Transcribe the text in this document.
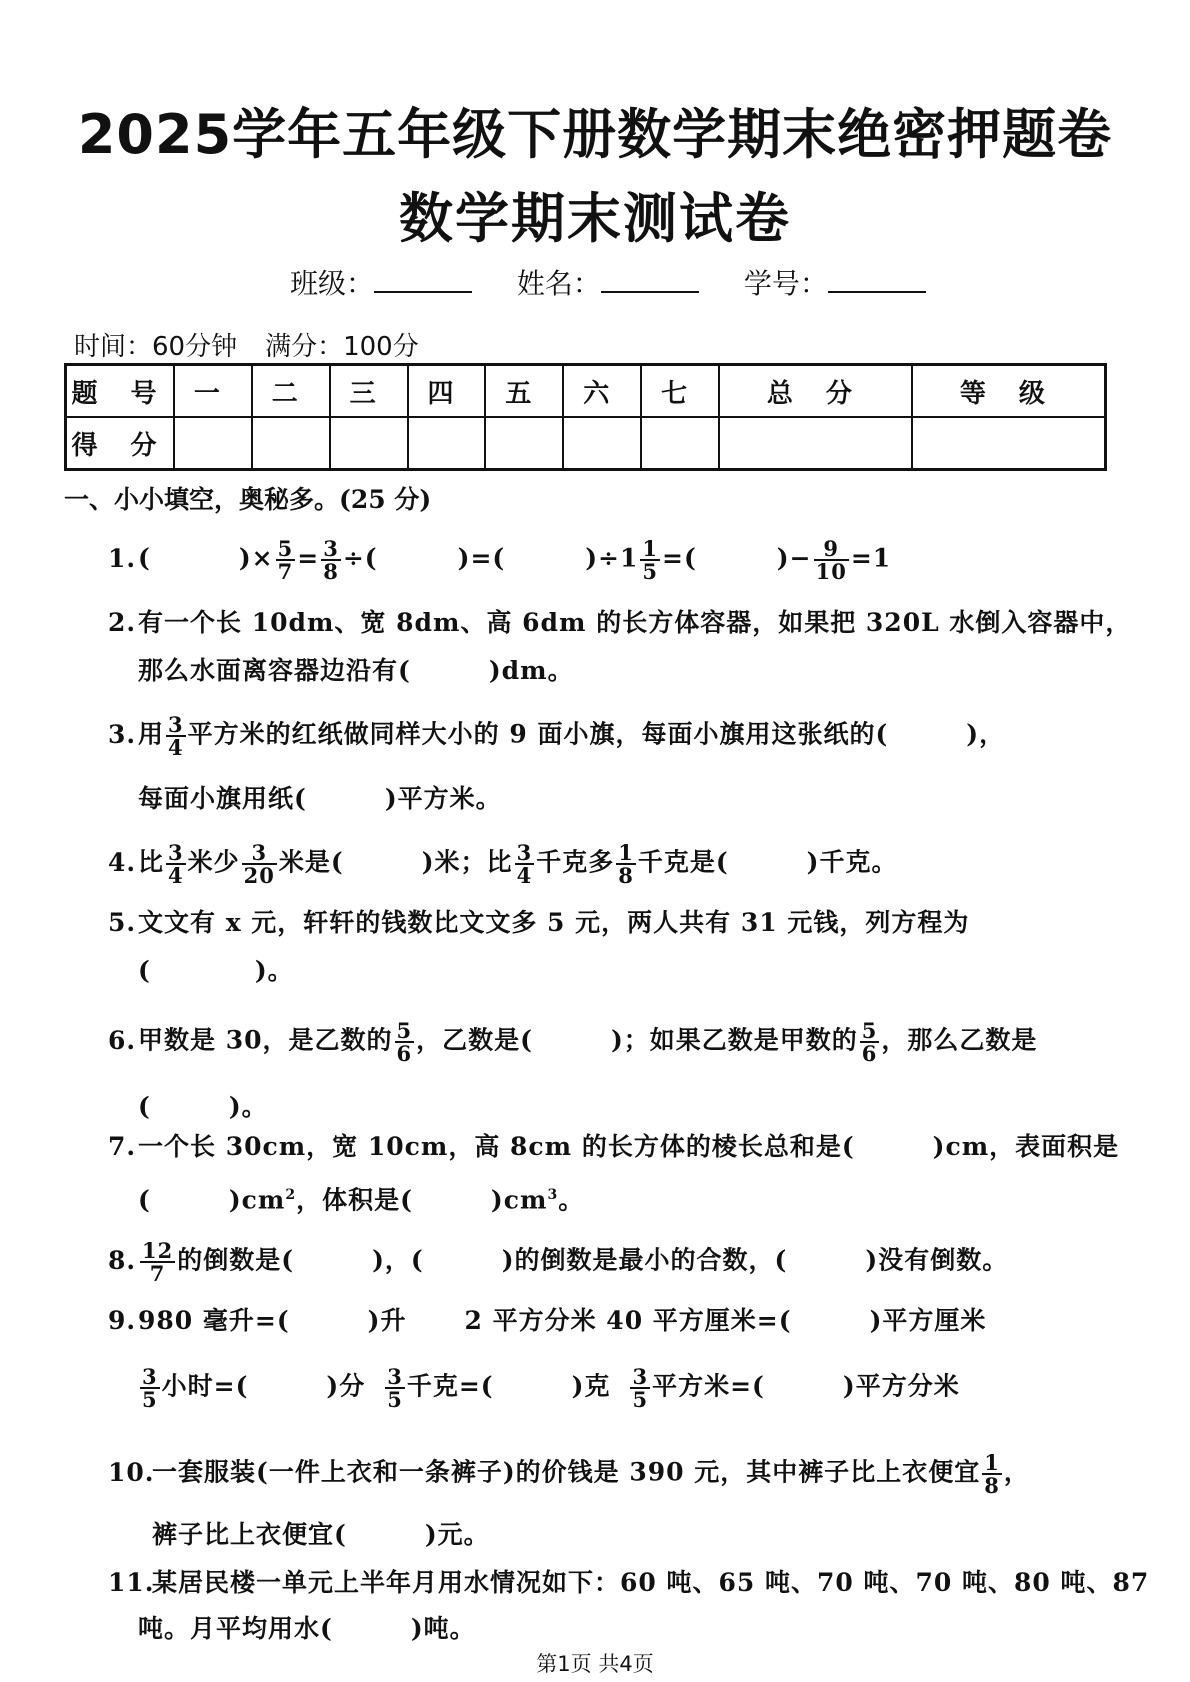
2025学年五年级下册数学期末绝密押题卷
数学期末测试卷
班级：	姓名：	学号：
时间：60分钟 满分：100分
题 号	一	二	三	四	五	六	七	总 分	等 级
得 分									
一、小小填空，奥秘多。(25 分)
1.(	)× $\frac{5}{7} = \frac{3}{8}$ ÷(	)=(	)$\div 1 \frac{1}{5}$ =(	)− $\frac{9}{10} =1$
2.有一个长 10dm、宽 8dm、高 6dm 的长方体容器，如果把 320L 水倒入容器中，
那么水面离容器边沿有(　　　)dm。
3.用 $\frac{3}{4}$ 平方米的红纸做同样大小的 9 面小旗，每面小旗用这张纸的(　　　)，
每面小旗用纸(　　　)平方米。
4.比 $\frac{3}{4}$ 米少 $\frac{3}{20}$ 米是(　　　)米；比 $\frac{3}{4}$ 千克多 $\frac{1}{8}$ 千克是(　　　)千克。
5.文文有 x 元，轩轩的钱数比文文多 5 元，两人共有 31 元钱，列方程为
(　　　　)。
6.甲数是 30，是乙数的 $\frac{5}{6}$ ，乙数是(　　　)；如果乙数是甲数的 $\frac{5}{6}$ ，那么乙数是
(　　　)。
7.一个长 30cm，宽 10cm，高 8cm 的长方体的棱长总和是(　　　)cm，表面积是
(　　　)$cm^2$，体积是(　　　)$cm^3$。
8. $\frac{12}{7}$ 的倒数是(　　　)，(　　　)的倒数是最小的合数，(　　　)没有倒数。
9.980 毫升=(　　　)升 2 平方分米 40 平方厘米=(　　　)平方厘米
$\frac{3}{5}$ 小时=(　　　)分 $\frac{3}{5}$ 千克=(　　　)克 $\frac{3}{5}$ 平方米=(　　　)平方分米
10.一套服装(一件上衣和一条裤子)的价钱是 390 元，其中裤子比上衣便宜 $\frac{1}{8}$ ，
裤子比上衣便宜(　　　)元。
11.某居民楼一单元上半年月用水情况如下：60 吨、65 吨、70 吨、70 吨、80 吨、87
吨。月平均用水(　　　)吨。
第1页 共4页
